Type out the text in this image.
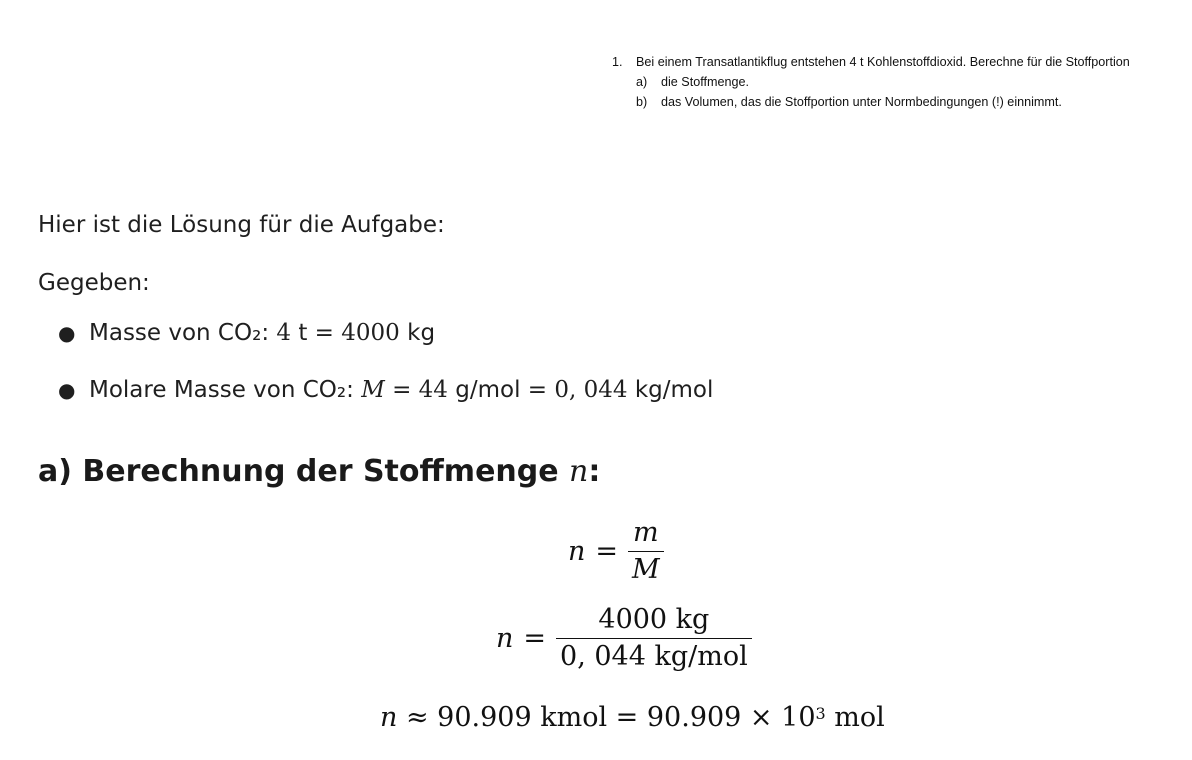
1.	Bei einem Transatlantikflug entstehen 4 t Kohlenstoffdioxid. Berechne für die Stoffportion
a)	die Stoffmenge.
b)	das Volumen, das die Stoffportion unter Normbedingungen (!) einnimmt.
Hier ist die Lösung für die Aufgabe:
Gegeben:
● Masse von CO₂: 4 t = 4000 kg
● Molare Masse von CO₂: M = 44 g/mol = 0, 044 kg/mol
a) Berechnung der Stoffmenge n:
$n = \frac{m}{M}$
$n = \frac{4000 kg}{\text{0, 044 kg/mol}}$
n ≈ 90.909 kmol = $90.909 \times 10^3$ mol
